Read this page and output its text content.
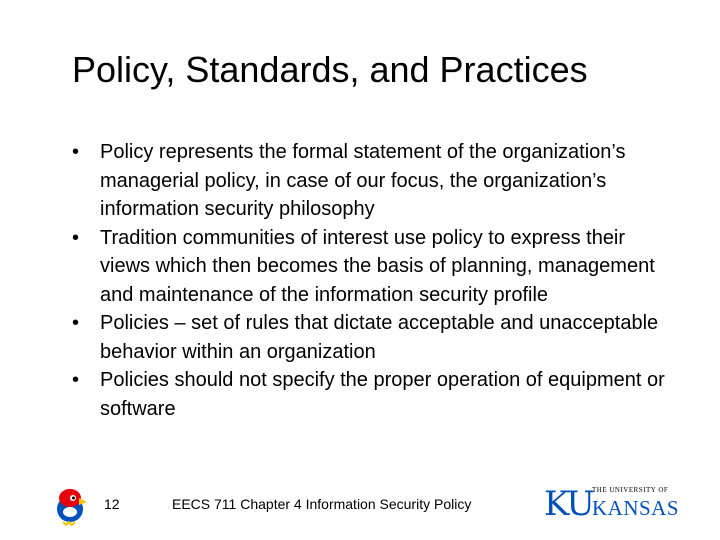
Policy, Standards, and Practices
• Policy represents the formal statement of the organization’s managerial policy, in case of our focus, the organization’s information security philosophy
• Tradition communities of interest use policy to express their views which then becomes the basis of planning, management and maintenance of the information security profile
• Policies – set of rules that dictate acceptable and unacceptable behavior within an organization
• Policies should not specify the proper operation of equipment or software
12	EECS 711 Chapter 4 Information Security Policy KU THE UNIVERSITY OF
KANSAS
